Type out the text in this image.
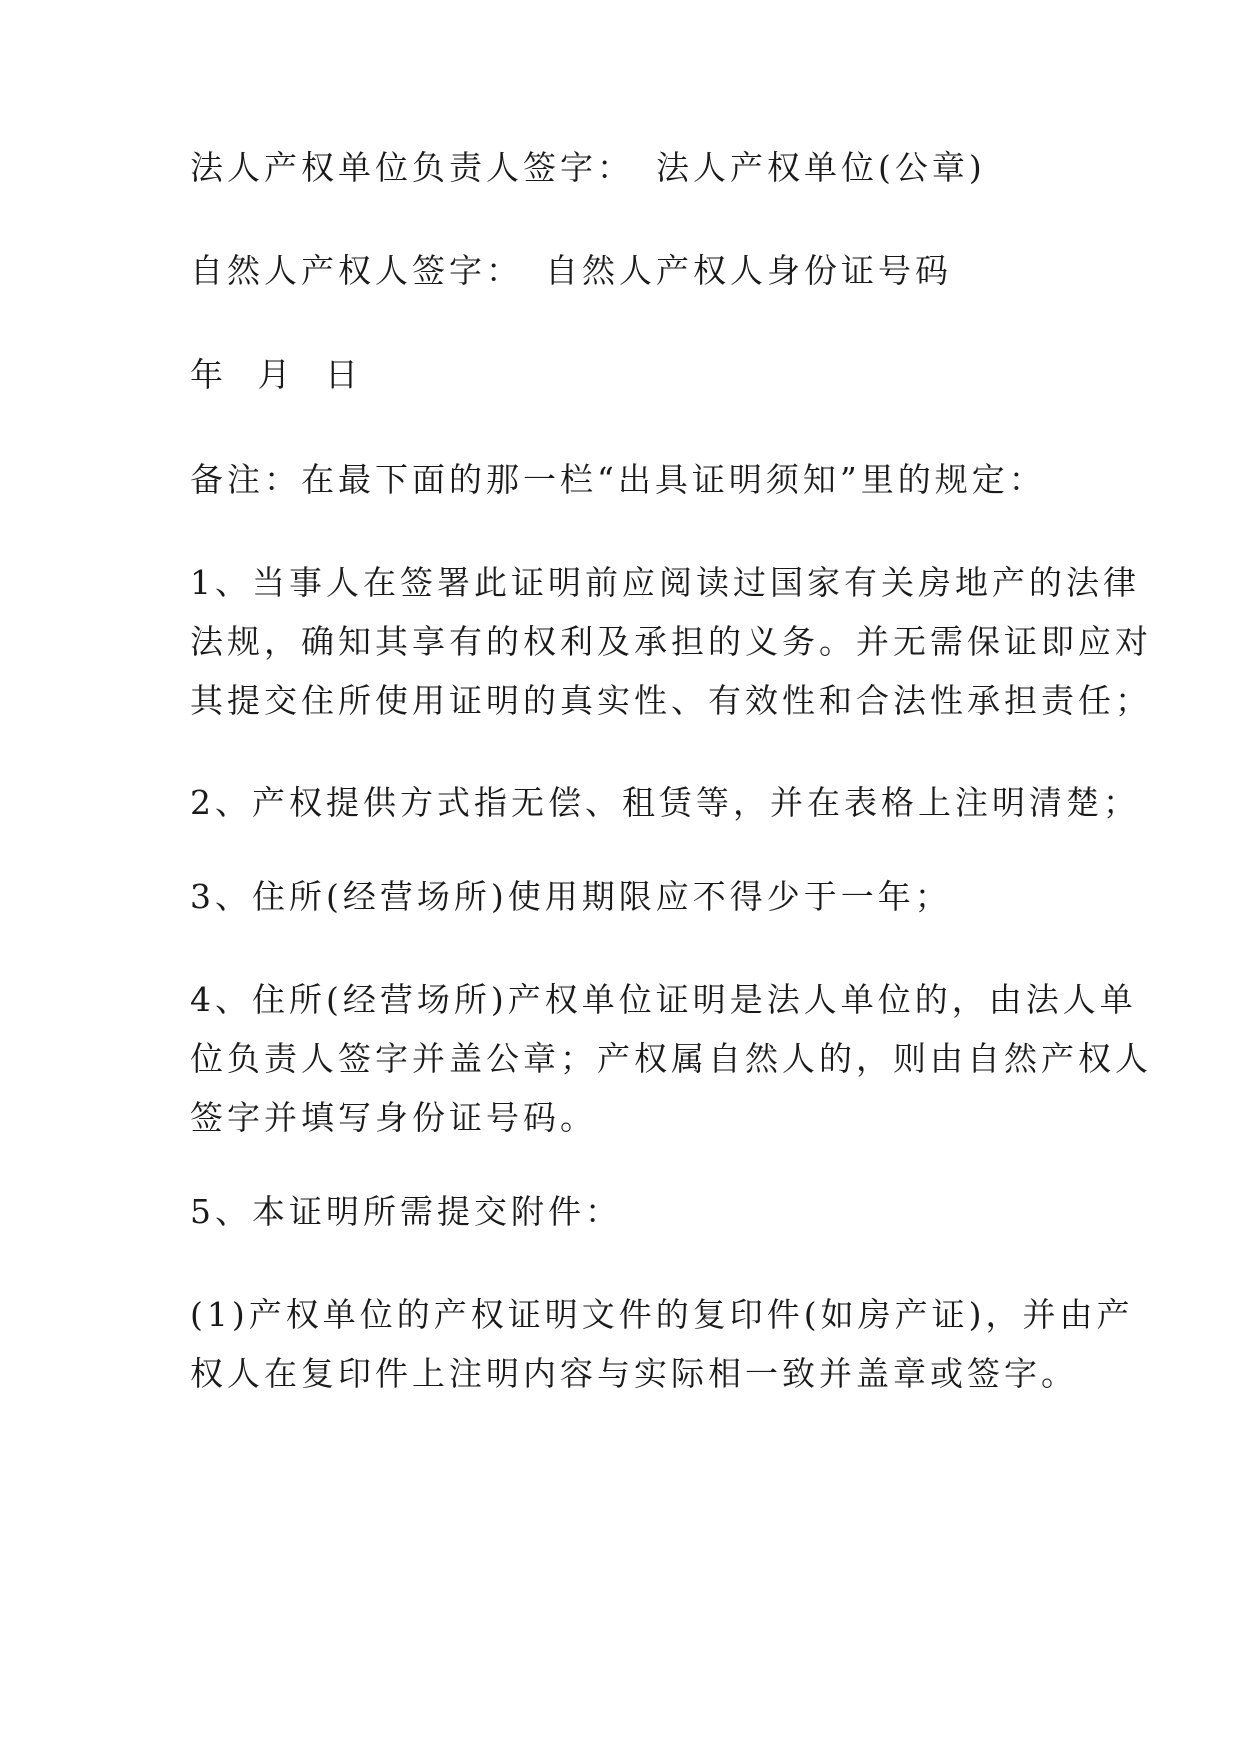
法人产权单位负责人签字： 法人产权单位(公章)
自然人产权人签字： 自然人产权人身份证号码
年 月 日
备注：在最下面的那一栏“出具证明须知”里的规定：
1、当事人在签署此证明前应阅读过国家有关房地产的法律
法规，确知其享有的权利及承担的义务。并无需保证即应对
其提交住所使用证明的真实性、有效性和合法性承担责任；
2、产权提供方式指无偿、租赁等，并在表格上注明清楚；
3、住所(经营场所)使用期限应不得少于一年；
4、住所(经营场所)产权单位证明是法人单位的，由法人单
位负责人签字并盖公章；产权属自然人的，则由自然产权人
签字并填写身份证号码。
5、本证明所需提交附件：
(1)产权单位的产权证明文件的复印件(如房产证)，并由产
权人在复印件上注明内容与实际相一致并盖章或签字。
